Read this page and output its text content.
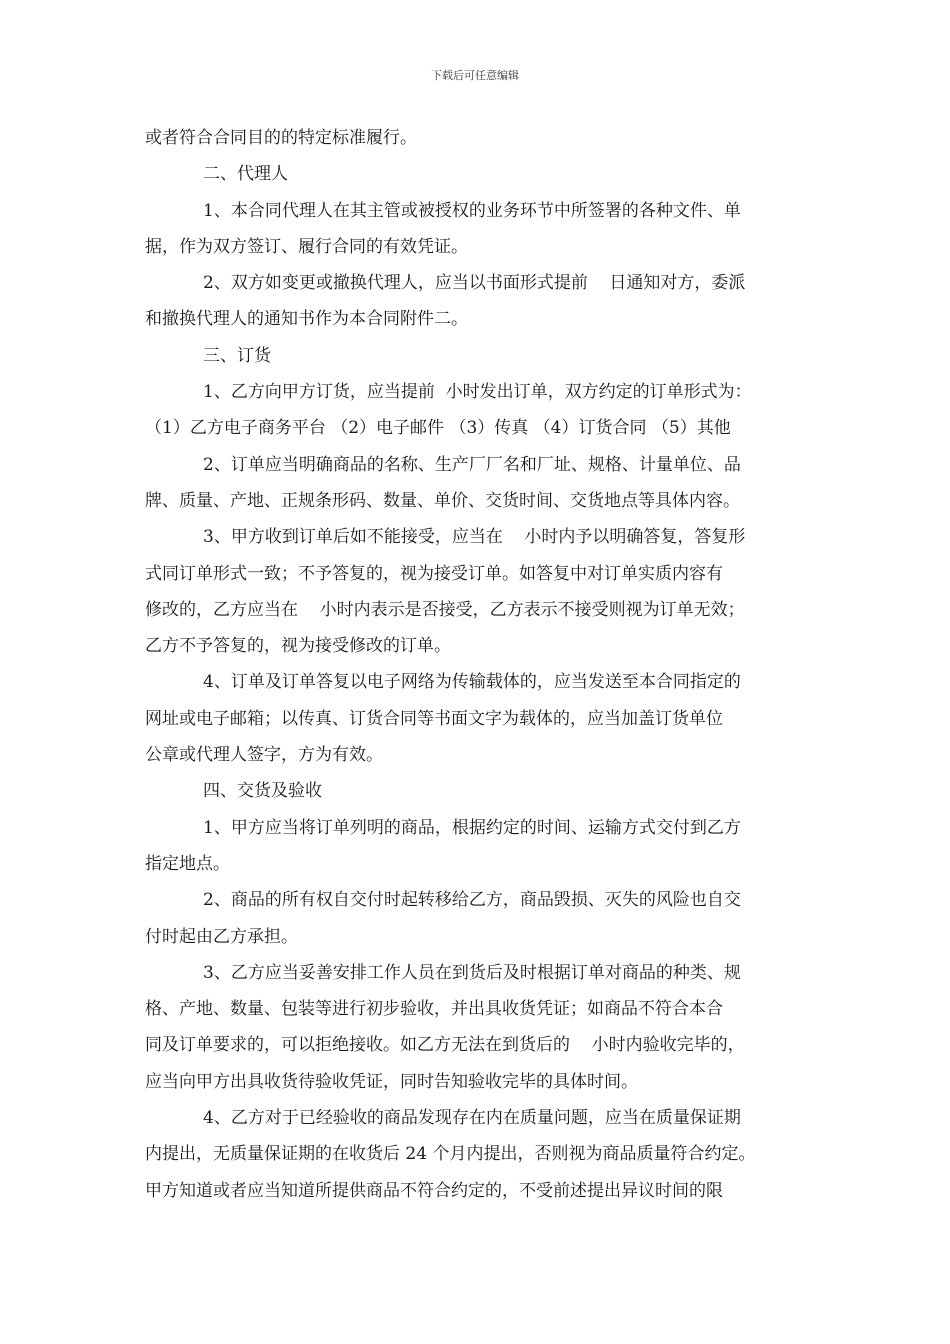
下载后可任意编辑
或者符合合同目的的特定标准履行。
二、代理人
1、本合同代理人在其主管或被授权的业务环节中所签署的各种文件、单
据，作为双方签订、履行合同的有效凭证。
2、双方如变更或撤换代理人，应当以书面形式提前    日通知对方，委派
和撤换代理人的通知书作为本合同附件二。
三、订货
1、乙方向甲方订货，应当提前  小时发出订单，双方约定的订单形式为：
（1）乙方电子商务平台 （2）电子邮件 （3）传真 （4）订货合同 （5）其他
2、订单应当明确商品的名称、生产厂厂名和厂址、规格、计量单位、品
牌、质量、产地、正规条形码、数量、单价、交货时间、交货地点等具体内容。
3、甲方收到订单后如不能接受，应当在    小时内予以明确答复，答复形
式同订单形式一致；不予答复的，视为接受订单。如答复中对订单实质内容有
修改的，乙方应当在    小时内表示是否接受，乙方表示不接受则视为订单无效；
乙方不予答复的，视为接受修改的订单。
4、订单及订单答复以电子网络为传输载体的，应当发送至本合同指定的
网址或电子邮箱；以传真、订货合同等书面文字为载体的，应当加盖订货单位
公章或代理人签字，方为有效。
四、交货及验收
1、甲方应当将订单列明的商品，根据约定的时间、运输方式交付到乙方
指定地点。
2、商品的所有权自交付时起转移给乙方，商品毁损、灭失的风险也自交
付时起由乙方承担。
3、乙方应当妥善安排工作人员在到货后及时根据订单对商品的种类、规
格、产地、数量、包装等进行初步验收，并出具收货凭证；如商品不符合本合
同及订单要求的，可以拒绝接收。如乙方无法在到货后的    小时内验收完毕的，
应当向甲方出具收货待验收凭证，同时告知验收完毕的具体时间。
4、乙方对于已经验收的商品发现存在内在质量问题，应当在质量保证期
内提出，无质量保证期的在收货后 24 个月内提出，否则视为商品质量符合约定。
甲方知道或者应当知道所提供商品不符合约定的，不受前述提出异议时间的限
